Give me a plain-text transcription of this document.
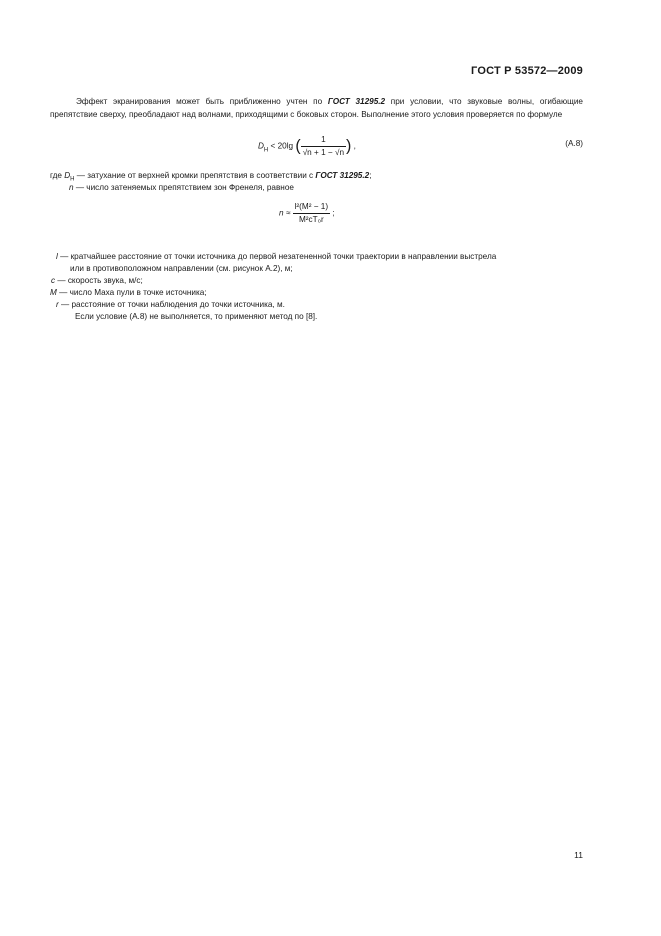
ГОСТ Р 53572—2009
Эффект экранирования может быть приближенно учтен по ГОСТ 31295.2 при условии, что звуковые волны, огибающие препятствие сверху, преобладают над волнами, приходящими с боковых сторон. Выполнение этого условия проверяется по формуле
$D_Н < 20\lg$ ( $\frac{1}{√n + 1 - √n}$ ) ,	(А.8)
где $D_Н$ — затухание от верхней кромки препятствия в соответствии с ГОСТ 31295.2;
n — число затеняемых препятствием зон Френеля, равное
$n \approx \frac{\text{l²(M² − 1)}}{\text{M²cT₀r}}$ ;
l — кратчайшее расстояние от точки источника до первой незатененной точки траектории в направлении выстрела
или в противоположном направлении (см. рисунок А.2), м;
c — скорость звука, м/с;
M — число Маха пули в точке источника;
r — расстояние от точки наблюдения до точки источника, м.
Если условие (А.8) не выполняется, то применяют метод по [8].
11
